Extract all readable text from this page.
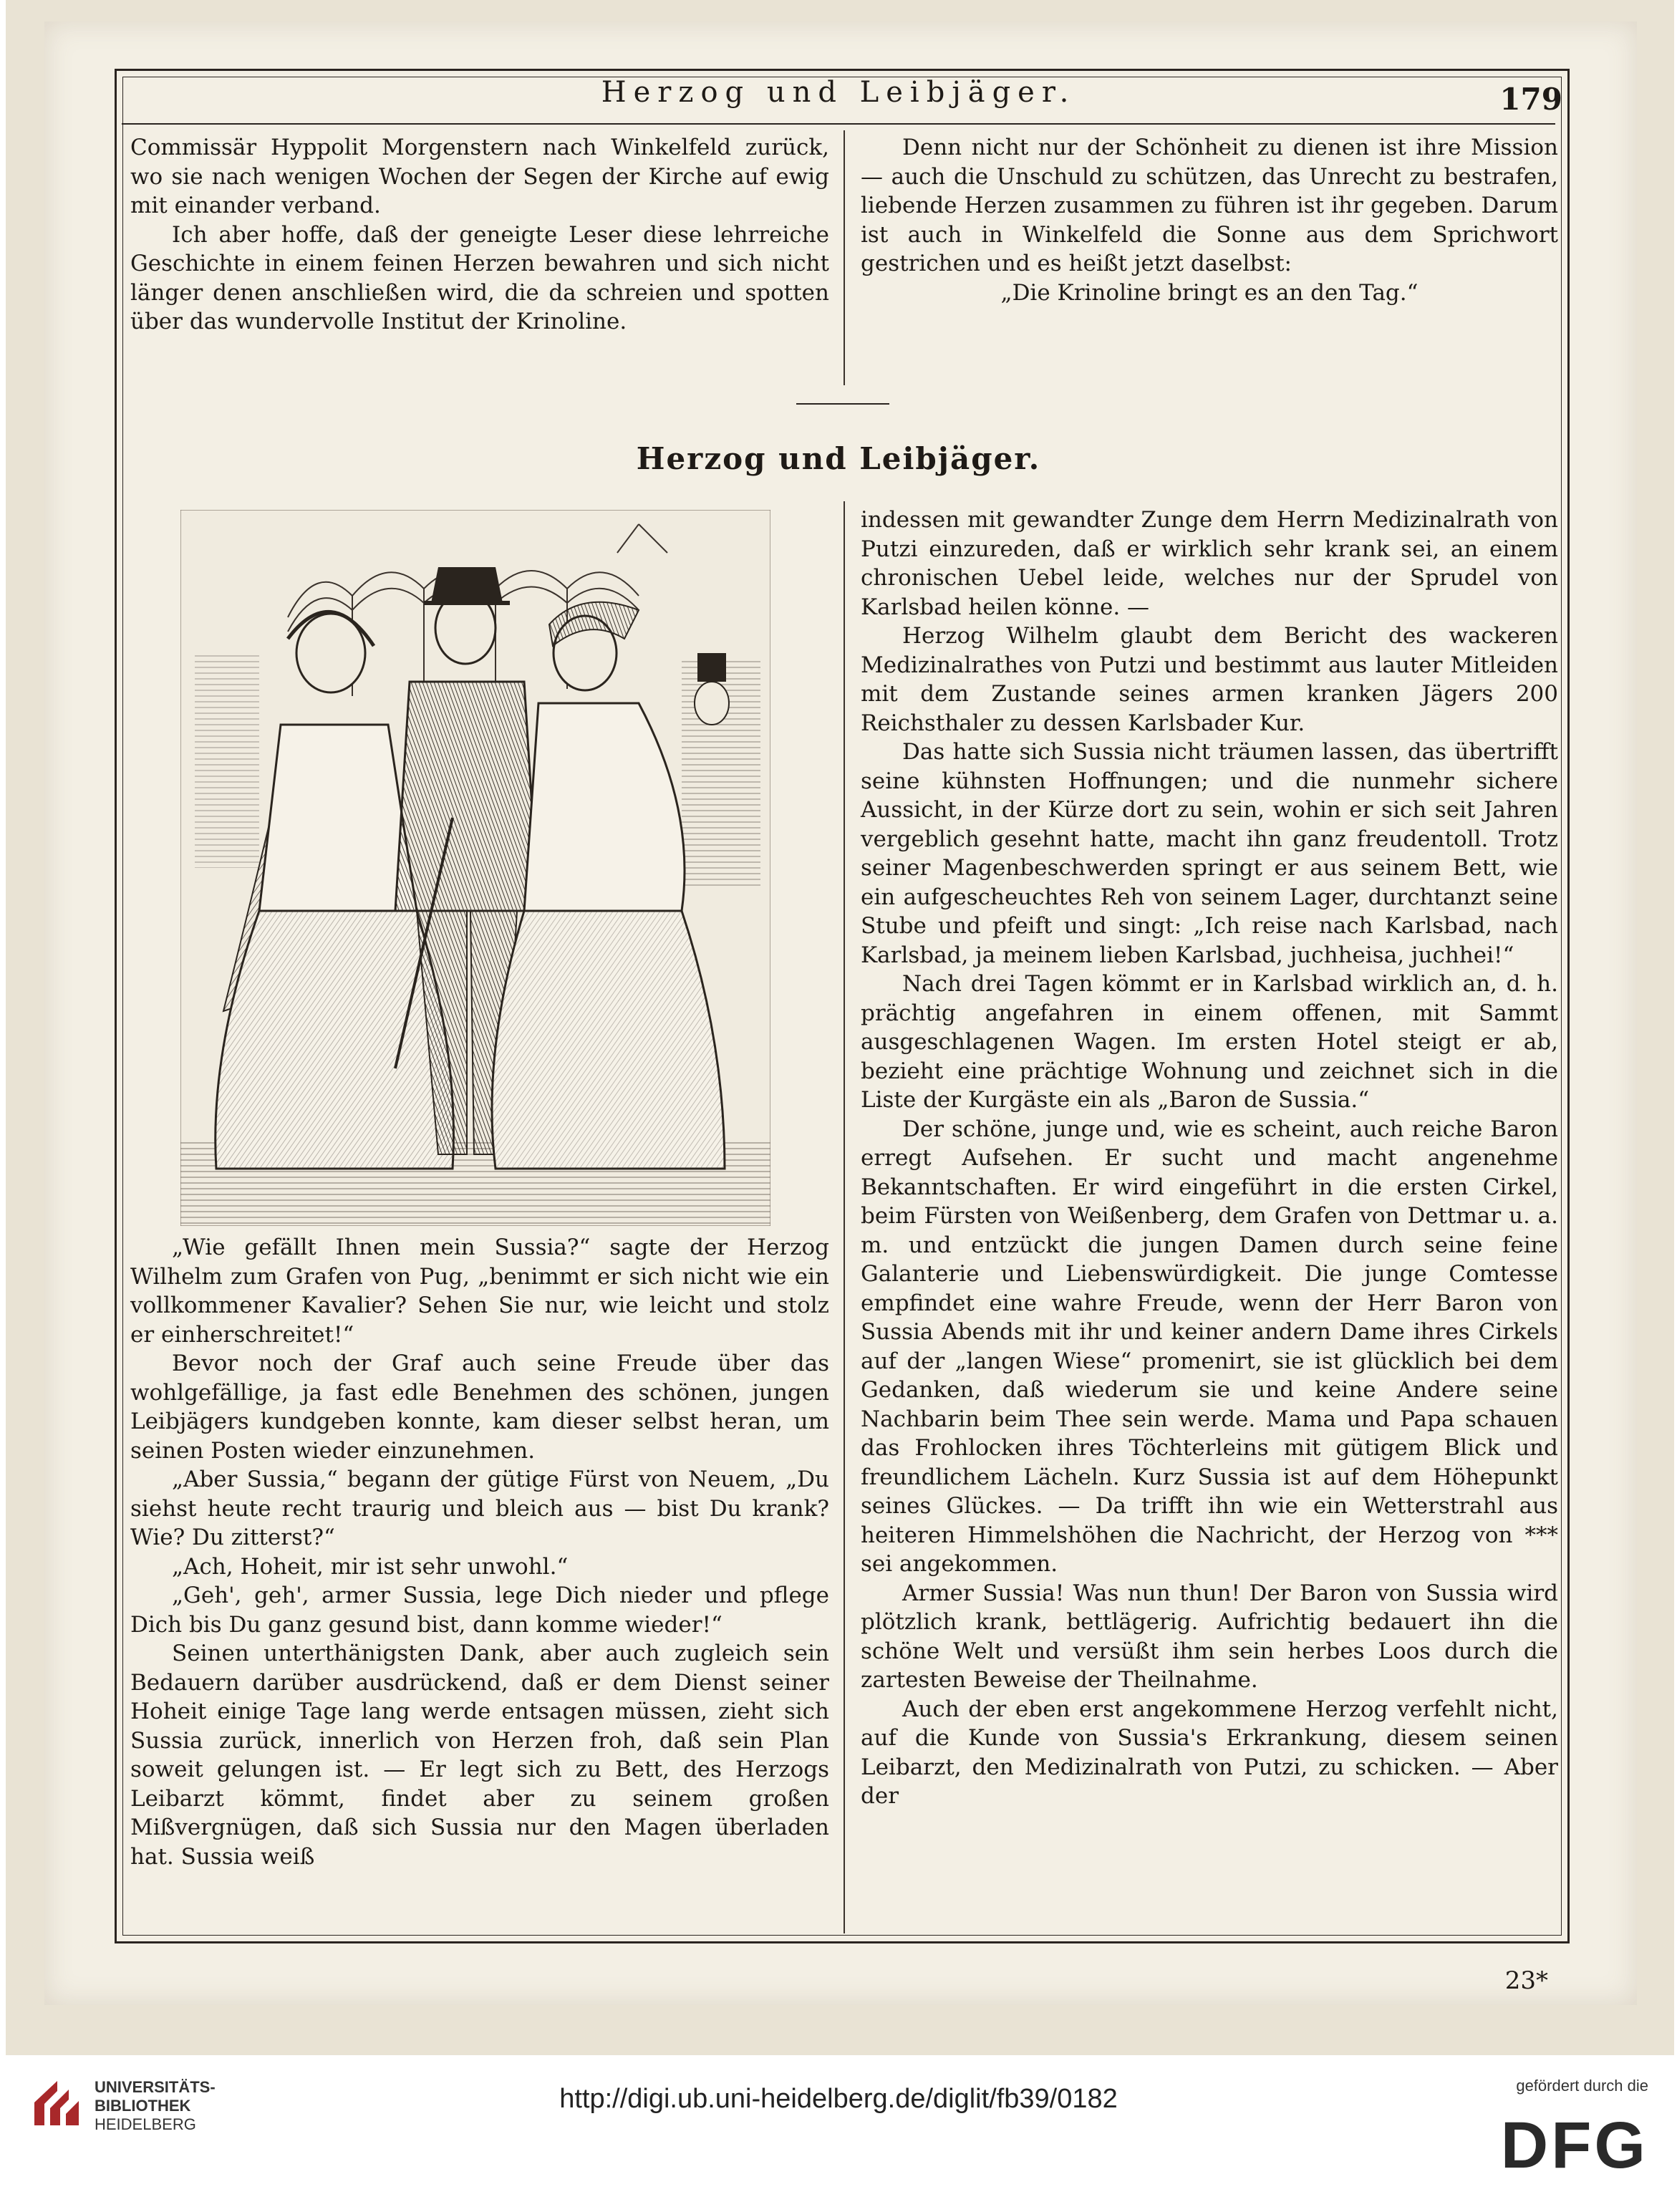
Herzog und Leibjäger.	179

Commissär Hyppolit Morgenstern nach Winkelfeld zurück, wo sie nach wenigen Wochen der Segen der Kirche auf ewig mit einander verband.

Ich aber hoffe, daß der geneigte Leser diese lehrreiche Geschichte in einem feinen Herzen bewahren und sich nicht länger denen anschließen wird, die da schreien und spotten über das wundervolle Institut der Krinoline.

Denn nicht nur der Schönheit zu dienen ist ihre Mission — auch die Unschuld zu schützen, das Unrecht zu bestrafen, liebende Herzen zusammen zu führen ist ihr gegeben. Darum ist auch in Winkelfeld die Sonne aus dem Sprichwort gestrichen und es heißt jetzt daselbst:

„Die Krinoline bringt es an den Tag.“

Herzog und Leibjäger.

„Wie gefällt Ihnen mein Sussia?“ sagte der Herzog Wilhelm zum Grafen von Pug, „benimmt er sich nicht wie ein vollkommener Kavalier? Sehen Sie nur, wie leicht und stolz er einherschreitet!“

Bevor noch der Graf auch seine Freude über das wohlgefällige, ja fast edle Benehmen des schönen, jungen Leibjägers kundgeben konnte, kam dieser selbst heran, um seinen Posten wieder einzunehmen.

„Aber Sussia,“ begann der gütige Fürst von Neuem, „Du siehst heute recht traurig und bleich aus — bist Du krank? Wie? Du zitterst?“

„Ach, Hoheit, mir ist sehr unwohl.“

„Geh', geh', armer Sussia, lege Dich nieder und pflege Dich bis Du ganz gesund bist, dann komme wieder!“

Seinen unterthänigsten Dank, aber auch zugleich sein Bedauern darüber ausdrückend, daß er dem Dienst seiner Hoheit einige Tage lang werde entsagen müssen, zieht sich Sussia zurück, innerlich von Herzen froh, daß sein Plan soweit gelungen ist. — Er legt sich zu Bett, des Herzogs Leibarzt kömmt, findet aber zu seinem großen Mißvergnügen, daß sich Sussia nur den Magen überladen hat. Sussia weiß

indessen mit gewandter Zunge dem Herrn Medizinalrath von Putzi einzureden, daß er wirklich sehr krank sei, an einem chronischen Uebel leide, welches nur der Sprudel von Karlsbad heilen könne. —

Herzog Wilhelm glaubt dem Bericht des wackeren Medizinalrathes von Putzi und bestimmt aus lauter Mitleiden mit dem Zustande seines armen kranken Jägers 200 Reichsthaler zu dessen Karlsbader Kur.

Das hatte sich Sussia nicht träumen lassen, das übertrifft seine kühnsten Hoffnungen; und die nunmehr sichere Aussicht, in der Kürze dort zu sein, wohin er sich seit Jahren vergeblich gesehnt hatte, macht ihn ganz freudentoll. Trotz seiner Magenbeschwerden springt er aus seinem Bett, wie ein aufgescheuchtes Reh von seinem Lager, durchtanzt seine Stube und pfeift und singt: „Ich reise nach Karlsbad, nach Karlsbad, ja meinem lieben Karlsbad, juchheisa, juchhei!“

Nach drei Tagen kömmt er in Karlsbad wirklich an, d. h. prächtig angefahren in einem offenen, mit Sammt ausgeschlagenen Wagen. Im ersten Hotel steigt er ab, bezieht eine prächtige Wohnung und zeichnet sich in die Liste der Kurgäste ein als „Baron de Sussia.“

Der schöne, junge und, wie es scheint, auch reiche Baron erregt Aufsehen. Er sucht und macht angenehme Bekanntschaften. Er wird eingeführt in die ersten Cirkel, beim Fürsten von Weißenberg, dem Grafen von Dettmar u. a. m. und entzückt die jungen Damen durch seine feine Galanterie und Liebenswürdigkeit. Die junge Comtesse empfindet eine wahre Freude, wenn der Herr Baron von Sussia Abends mit ihr und keiner andern Dame ihres Cirkels auf der „langen Wiese“ promenirt, sie ist glücklich bei dem Gedanken, daß wiederum sie und keine Andere seine Nachbarin beim Thee sein werde. Mama und Papa schauen das Frohlocken ihres Töchterleins mit gütigem Blick und freundlichem Lächeln. Kurz Sussia ist auf dem Höhepunkt seines Glückes. — Da trifft ihn wie ein Wetterstrahl aus heiteren Himmelshöhen die Nachricht, der Herzog von *** sei angekommen.

Armer Sussia! Was nun thun! Der Baron von Sussia wird plötzlich krank, bettlägerig. Aufrichtig bedauert ihn die schöne Welt und versüßt ihm sein herbes Loos durch die zartesten Beweise der Theilnahme.

Auch der eben erst angekommene Herzog verfehlt nicht, auf die Kunde von Sussia's Erkrankung, diesem seinen Leibarzt, den Medizinalrath von Putzi, zu schicken. — Aber der

23*
UNIVERSITÄTS-
BIBLIOTHEK
HEIDELBERG
http://digi.ub.uni-heidelberg.de/diglit/fb39/0182	gefördert durch die
DFG
